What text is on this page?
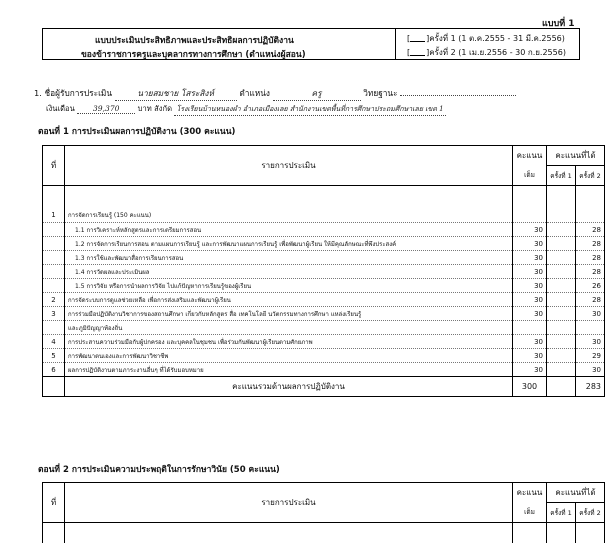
แบบที่ 1
แบบประเมินประสิทธิภาพและประสิทธิผลการปฏิบัติงาน
ของข้าราชการครูและบุคลากรทางการศึกษา (ตำแหน่งผู้สอน)
[ ]ครั้งที่ 1 (1 ต.ค.2555 - 31 มี.ค.2556)
[ ]ครั้งที่ 2 (1 เม.ย.2556 - 30 ก.ย.2556)
1. ชื่อผู้รับการประเมิน	นายสมชาย โสระสิงห์	ตำแหน่ง	ครู	วิทยฐานะ
เงินเดือน 39,370 บาท สังกัด โรงเรียนบ้านหนองผำ อำเภอเมืองเลย สำนักงานเขตพื้นที่การศึกษาประถมศึกษาเลย เขต 1
ตอนที่ 1 การประเมินผลการปฏิบัติงาน (300 คะแนน)
ที่	รายการประเมิน	คะแนน	คะแนนที่ได้	
		เต็ม	ครั้งที่ 1	ครั้งที่ 2

1	การจัดการเรียนรู้ (150 คะแนน)			
	1.1 การวิเคราะห์หลักสูตรและการเตรียมการสอน	30		28
	1.2 การจัดการเรียนการสอน ตามแผนการเรียนรู้ และการพัฒนาแผนการเรียนรู้ เพื่อพัฒนาผู้เรียน ให้มีคุณลักษณะที่พึงประสงค์	30		28
	1.3 การใช้และพัฒนาสื่อการเรียนการสอน	30		28
	1.4 การวัดผลและประเมินผล	30		28
	1.5 การวิจัย หรือการนำผลการวิจัย ไปแก้ปัญหาการเรียนรู้ของผู้เรียน	30		26
2	การจัดระบบการดูแลช่วยเหลือ เพื่อการส่งเสริมและพัฒนาผู้เรียน	30		28
3	การร่วมมือปฏิบัติงานวิชาการของสถานศึกษา เกี่ยวกับหลักสูตร สื่อ เทคโนโลยี นวัตกรรมทางการศึกษา แหล่งเรียนรู้	30		30
	และภูมิปัญญาท้องถิ่น			
4	การประสานความร่วมมือกับผู้ปกครอง และบุคคลในชุมชน เพื่อร่วมกันพัฒนาผู้เรียนตามศักยภาพ	30		30
5	การพัฒนาตนเองและการพัฒนาวิชาชีพ	30		29
6	ผลการปฏิบัติงานตามภาระงานอื่นๆ ที่ได้รับมอบหมาย	30		30
	คะแนนรวมด้านผลการปฏิบัติงาน	300		283
ตอนที่ 2 การประเมินความประพฤติในการรักษาวินัย (50 คะแนน)
ที่	รายการประเมิน	คะแนน	คะแนนที่ได้	
		เต็ม	ครั้งที่ 1	ครั้งที่ 2
